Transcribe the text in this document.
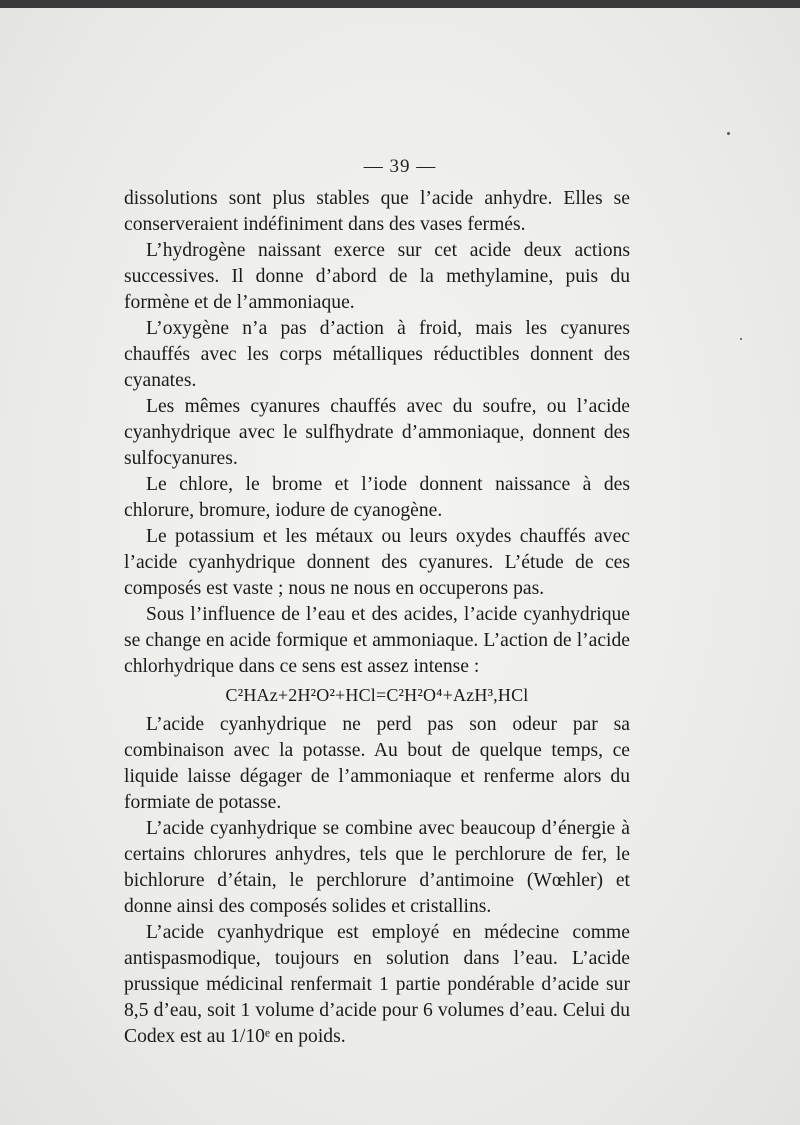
— 39 —

dissolutions sont plus stables que l’acide anhydre. Elles se conserveraient indéfiniment dans des vases fermés.

L’hydrogène naissant exerce sur cet acide deux actions successives. Il donne d’abord de la methylamine, puis du formène et de l’ammoniaque.

L’oxygène n’a pas d’action à froid, mais les cyanures chauffés avec les corps métalliques réductibles donnent des cyanates.

Les mêmes cyanures chauffés avec du soufre, ou l’acide cyanhydrique avec le sulfhydrate d’ammoniaque, donnent des sulfocyanures.

Le chlore, le brome et l’iode donnent naissance à des chlorure, bromure, iodure de cyanogène.

Le potassium et les métaux ou leurs oxydes chauffés avec l’acide cyanhydrique donnent des cyanures. L’étude de ces composés est vaste ; nous ne nous en occuperons pas.

Sous l’influence de l’eau et des acides, l’acide cyanhydrique se change en acide formique et ammoniaque. L’action de l’acide chlorhydrique dans ce sens est assez intense :

C²HAz+2H²O²+HCl=C²H²O⁴+AzH³,HCl

L’acide cyanhydrique ne perd pas son odeur par sa combinaison avec la potasse. Au bout de quelque temps, ce liquide laisse dégager de l’ammoniaque et renferme alors du formiate de potasse.

L’acide cyanhydrique se combine avec beaucoup d’énergie à certains chlorures anhydres, tels que le perchlorure de fer, le bichlorure d’étain, le perchlorure d’antimoine (Wœhler) et donne ainsi des composés solides et cristallins.

L’acide cyanhydrique est employé en médecine comme antispasmodique, toujours en solution dans l’eau. L’acide prussique médicinal renfermait 1 partie pondérable d’acide sur 8,5 d’eau, soit 1 volume d’acide pour 6 volumes d’eau. Celui du Codex est au 1/10ᵉ en poids.
